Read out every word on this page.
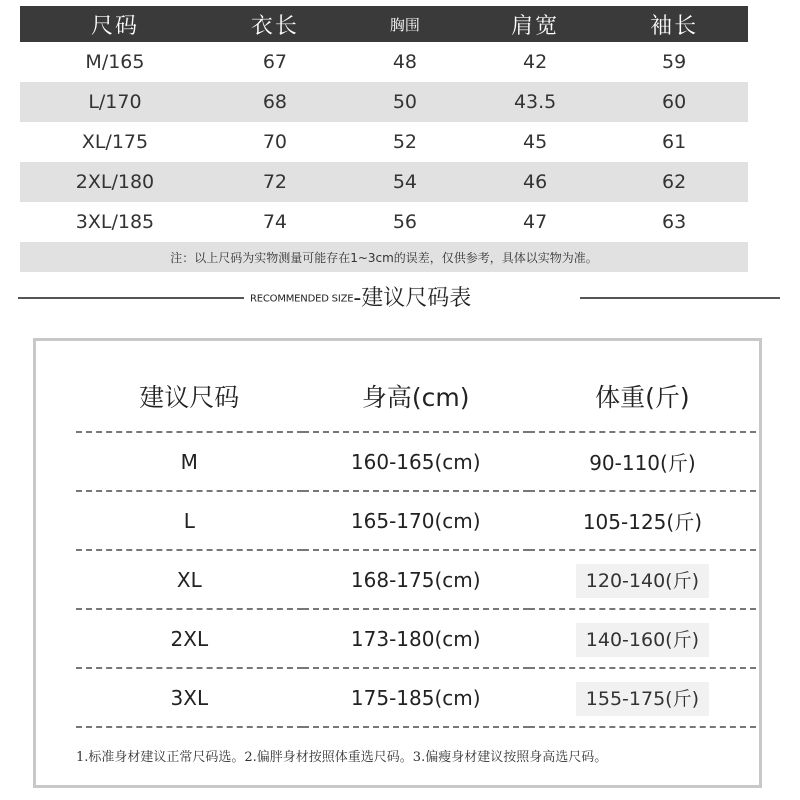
尺码	衣长	胸围	肩宽	袖长
M/165	67	48	42	59
L/170	68	50	43.5	60
XL/175	70	52	45	61
2XL/180	72	54	46	62
3XL/185	74	56	47	63
注：以上尺码为实物测量可能存在1~3cm的误差，仅供参考，具体以实物为准。				
RECOMMENDED SIZE-建议尺码表
建议尺码	身高(cm)	体重(斤)
M	160-165(cm)	90-110(斤)
L	165-170(cm)	105-125(斤)
XL	168-175(cm)	120-140(斤)
2XL	173-180(cm)	140-160(斤)
3XL	175-185(cm)	155-175(斤)
1.标准身材建议正常尺码选。2.偏胖身材按照体重选尺码。3.偏瘦身材建议按照身高选尺码。
